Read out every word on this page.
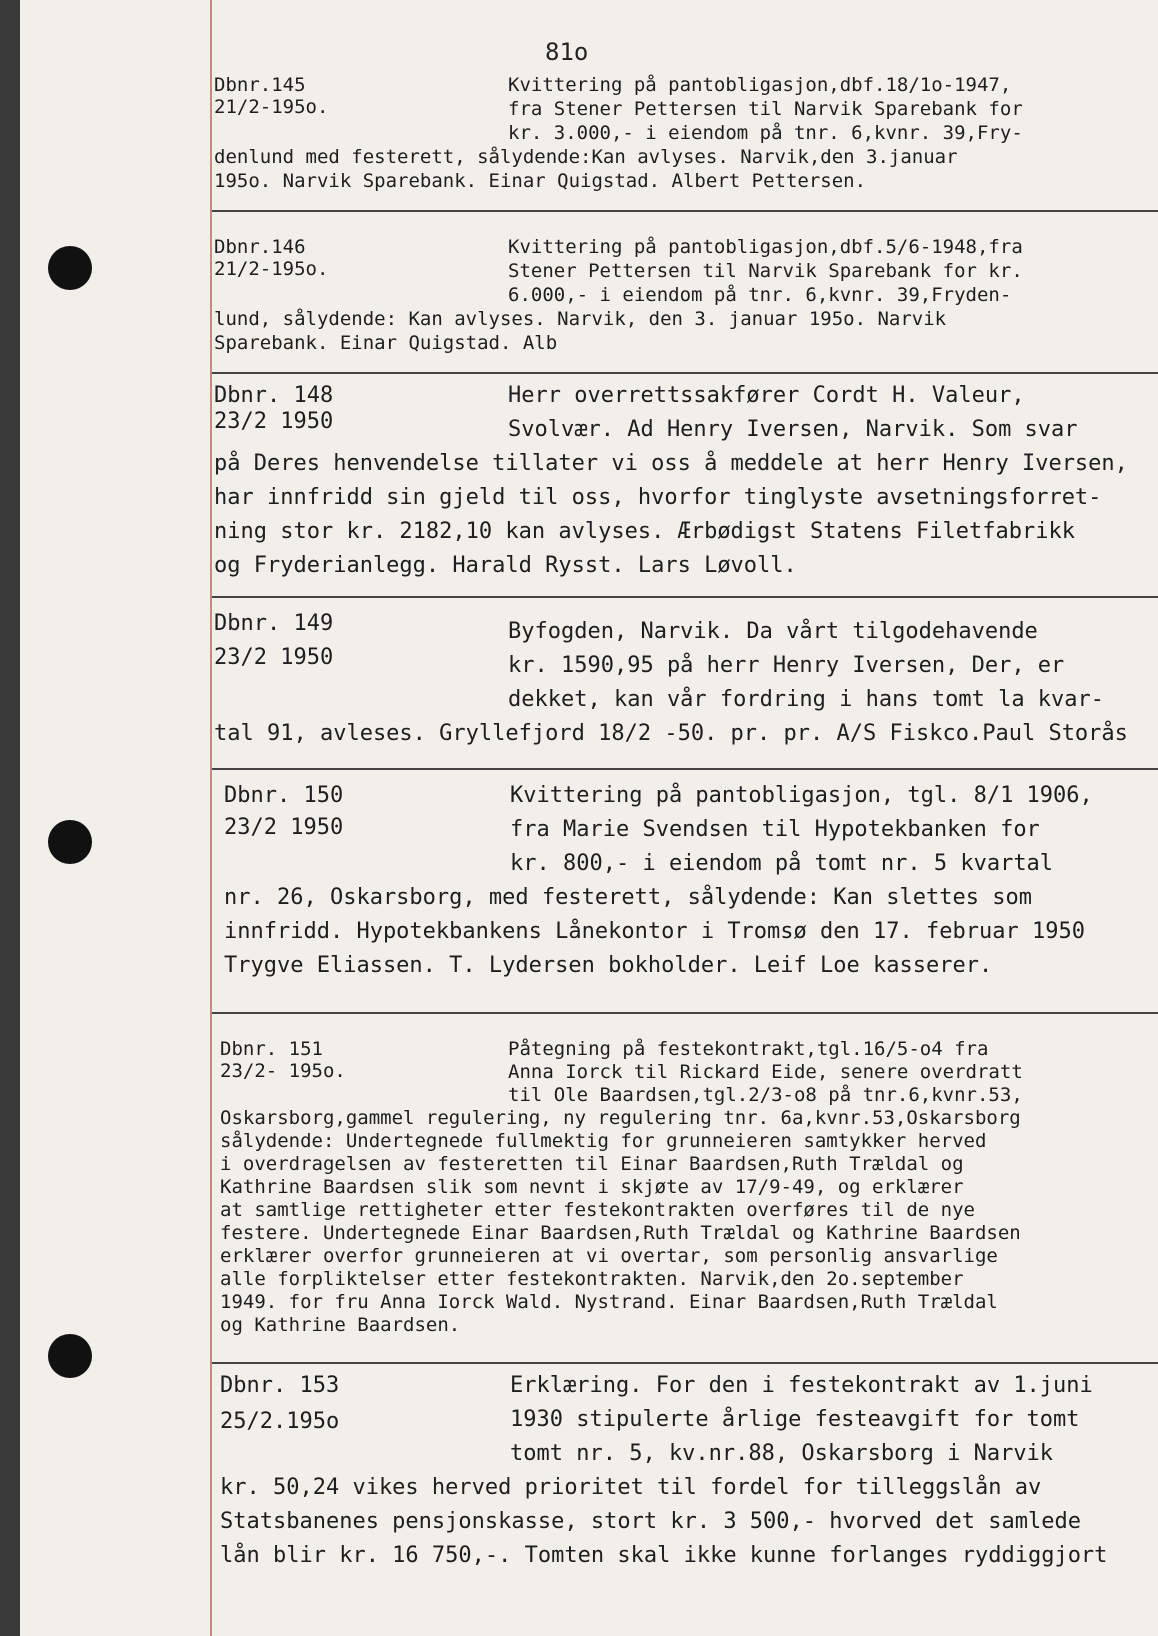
81o
Dbnr.145
21/2-195o.
Kvittering på pantobligasjon,dbf.18/1o-1947,
fra Stener Pettersen til Narvik Sparebank for
kr. 3.000,- i eiendom på tnr. 6,kvnr. 39,Fry-
denlund med festerett, sålydende:Kan avlyses. Narvik,den 3.januar
195o. Narvik Sparebank. Einar Quigstad. Albert Pettersen.
Dbnr.146
21/2-195o.
Kvittering på pantobligasjon,dbf.5/6-1948,fra
Stener Pettersen til Narvik Sparebank for kr.
6.000,- i eiendom på tnr. 6,kvnr. 39,Fryden-
lund, sålydende: Kan avlyses. Narvik, den 3. januar 195o. Narvik
Sparebank. Einar Quigstad. Alb
Dbnr. 148
23/2 1950
Herr overrettssakfører Cordt H. Valeur,
Svolvær. Ad Henry Iversen, Narvik. Som svar
på Deres henvendelse tillater vi oss å meddele at herr Henry Iversen,
har innfridd sin gjeld til oss, hvorfor tinglyste avsetningsforret-
ning stor kr. 2182,10 kan avlyses. Ærbødigst Statens Filetfabrikk
og Fryderianlegg. Harald Rysst. Lars Løvoll.
Dbnr. 149
23/2 1950
Byfogden, Narvik. Da vårt tilgodehavende
kr. 1590,95 på herr Henry Iversen, Der, er
dekket, kan vår fordring i hans tomt la kvar-
tal 91, avleses. Gryllefjord 18/2 -50. pr. pr. A/S Fiskco.Paul Storås
Dbnr. 150
23/2 1950
Kvittering på pantobligasjon, tgl. 8/1 1906,
fra Marie Svendsen til Hypotekbanken for
kr. 800,- i eiendom på tomt nr. 5 kvartal
nr. 26, Oskarsborg, med festerett, sålydende: Kan slettes som
innfridd. Hypotekbankens Lånekontor i Tromsø den 17. februar 1950
Trygve Eliassen. T. Lydersen bokholder. Leif Loe kasserer.
Dbnr. 151
23/2- 195o.
Påtegning på festekontrakt,tgl.16/5-o4 fra
Anna Iorck til Rickard Eide, senere overdratt
til Ole Baardsen,tgl.2/3-o8 på tnr.6,kvnr.53,
Oskarsborg,gammel regulering, ny regulering tnr. 6a,kvnr.53,Oskarsborg
sålydende: Undertegnede fullmektig for grunneieren samtykker herved
i overdragelsen av festeretten til Einar Baardsen,Ruth Trældal og
Kathrine Baardsen slik som nevnt i skjøte av 17/9-49, og erklærer
at samtlige rettigheter etter festekontrakten overføres til de nye
festere. Undertegnede Einar Baardsen,Ruth Trældal og Kathrine Baardsen
erklærer overfor grunneieren at vi overtar, som personlig ansvarlige
alle forpliktelser etter festekontrakten. Narvik,den 2o.september
1949. for fru Anna Iorck Wald. Nystrand. Einar Baardsen,Ruth Trældal
og Kathrine Baardsen.
Dbnr. 153
25/2.195o
Erklæring. For den i festekontrakt av 1.juni
1930 stipulerte årlige festeavgift for tomt
tomt nr. 5, kv.nr.88, Oskarsborg i Narvik
kr. 50,24 vikes herved prioritet til fordel for tilleggslån av
Statsbanenes pensjonskasse, stort kr. 3 500,- hvorved det samlede
lån blir kr. 16 750,-. Tomten skal ikke kunne forlanges ryddiggjort
